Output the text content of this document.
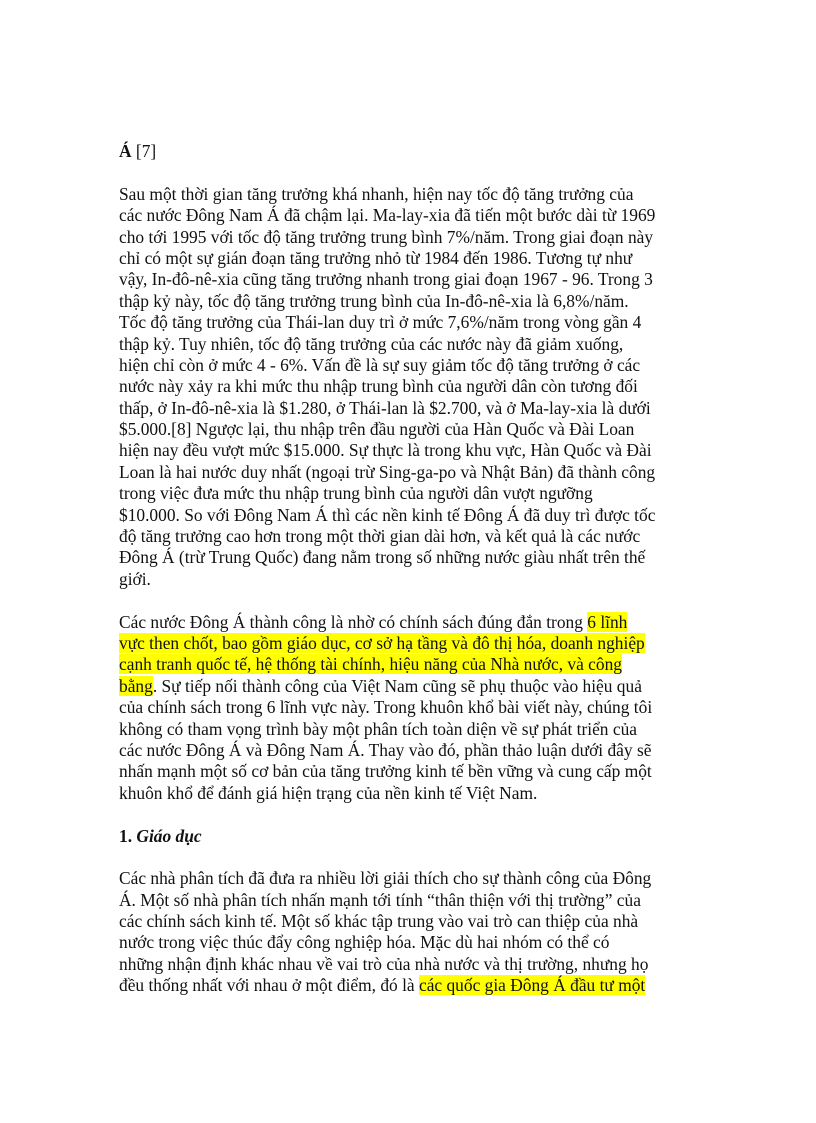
Á [7]
Sau một thời gian tăng trưởng khá nhanh, hiện nay tốc độ tăng trưởng của
các nước Đông Nam Á đã chậm lại. Ma-lay-xia đã tiến một bước dài từ 1969
cho tới 1995 với tốc độ tăng trưởng trung bình 7%/năm. Trong giai đoạn này
chỉ có một sự gián đoạn tăng trưởng nhỏ từ 1984 đến 1986. Tương tự như
vậy, In-đô-nê-xia cũng tăng trưởng nhanh trong giai đoạn 1967 - 96. Trong 3
thập kỷ này, tốc độ tăng trưởng trung bình của In-đô-nê-xia là 6,8%/năm.
Tốc độ tăng trưởng của Thái-lan duy trì ở mức 7,6%/năm trong vòng gần 4
thập kỷ. Tuy nhiên, tốc độ tăng trưởng của các nước này đã giảm xuống,
hiện chỉ còn ở mức 4 - 6%. Vấn đề là sự suy giảm tốc độ tăng trưởng ở các
nước này xảy ra khi mức thu nhập trung bình của người dân còn tương đối
thấp, ở In-đô-nê-xia là $1.280, ở Thái-lan là $2.700, và ở Ma-lay-xia là dưới
$5.000.[8] Ngược lại, thu nhập trên đầu người của Hàn Quốc và Đài Loan
hiện nay đều vượt mức $15.000. Sự thực là trong khu vực, Hàn Quốc và Đài
Loan là hai nước duy nhất (ngoại trừ Sing-ga-po và Nhật Bản) đã thành công
trong việc đưa mức thu nhập trung bình của người dân vượt ngưỡng
$10.000. So với Đông Nam Á thì các nền kinh tế Đông Á đã duy trì được tốc
độ tăng trưởng cao hơn trong một thời gian dài hơn, và kết quả là các nước
Đông Á (trừ Trung Quốc) đang nằm trong số những nước giàu nhất trên thế
giới.
Các nước Đông Á thành công là nhờ có chính sách đúng đắn trong 6 lĩnh
vực then chốt, bao gồm giáo dục, cơ sở hạ tầng và đô thị hóa, doanh nghiệp
cạnh tranh quốc tế, hệ thống tài chính, hiệu năng của Nhà nước, và công
bằng. Sự tiếp nối thành công của Việt Nam cũng sẽ phụ thuộc vào hiệu quả
của chính sách trong 6 lĩnh vực này. Trong khuôn khổ bài viết này, chúng tôi
không có tham vọng trình bày một phân tích toàn diện về sự phát triển của
các nước Đông Á và Đông Nam Á. Thay vào đó, phần thảo luận dưới đây sẽ
nhấn mạnh một số cơ bản của tăng trưởng kinh tế bền vững và cung cấp một
khuôn khổ để đánh giá hiện trạng của nền kinh tế Việt Nam.
1. Giáo dục
Các nhà phân tích đã đưa ra nhiều lời giải thích cho sự thành công của Đông
Á. Một số nhà phân tích nhấn mạnh tới tính “thân thiện với thị trường” của
các chính sách kinh tế. Một số khác tập trung vào vai trò can thiệp của nhà
nước trong việc thúc đẩy công nghiệp hóa. Mặc dù hai nhóm có thể có
những nhận định khác nhau về vai trò của nhà nước và thị trường, nhưng họ
đều thống nhất với nhau ở một điểm, đó là các quốc gia Đông Á đầu tư một
